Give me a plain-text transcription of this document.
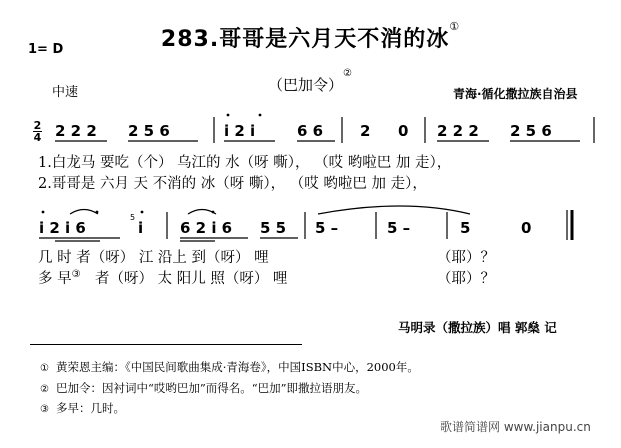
283.哥哥是六月天不消的冰①
1= D
中速	（巴加令）②
青海·循化撒拉族自治县
2
4 2 2 2 2 5 6	i 2 i	6 6 2 0 2 2 2 2 5 6
1.白龙马 要吃（个） 乌江的 水（呀 嘶）， （哎 哟啦巴 加 走），
2.哥哥是 六月 天 不消的 冰（呀 嘶）， （哎 哟啦巴 加 走），
i 2 i 6
5
i 6 2 i 6 5 5 5 –	5 –	5	0
几 时 者（呀） 江 沿上 到（呀） 哩	（耶）？
多 早③ 者（呀） 太 阳儿 照（呀） 哩	（耶）？
马明录（撒拉族）唱 郭燊 记
① 黄荣恩主编：《中国民间歌曲集成·青海卷》，中国ISBN中心，2000年。
② 巴加令：因衬词中“哎哟巴加”而得名。“巴加”即撒拉语朋友。
③ 多早：几时。
歌谱简谱网 www.jianpu.cn
